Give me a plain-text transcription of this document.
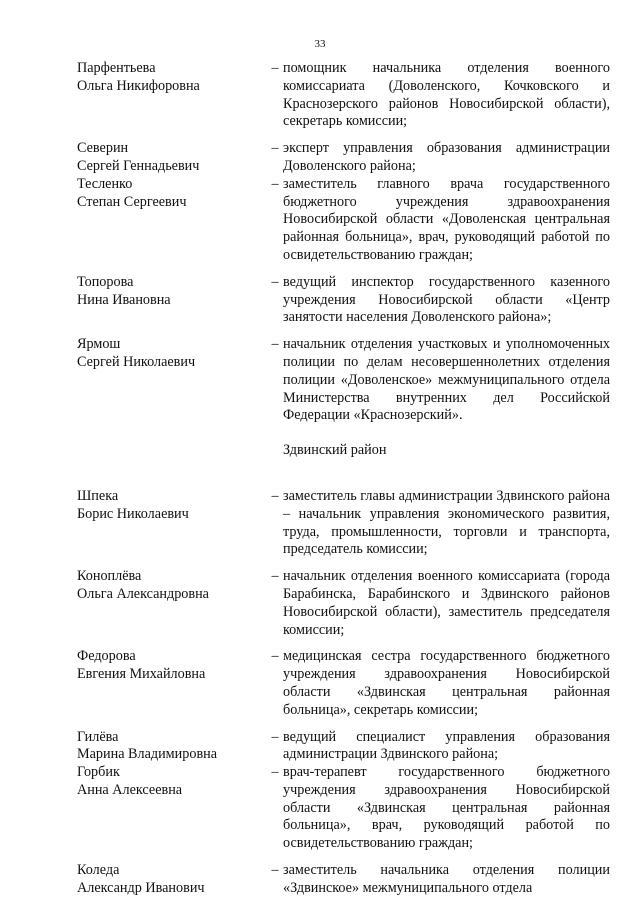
33
Парфентьева
Ольга Никифоровна
– помощник начальника отделения военного комиссариата (Доволенского, Кочковского и Краснозерского районов Новосибирской области), секретарь комиссии;
Северин
Сергей Геннадьевич
– эксперт управления образования администрации Доволенского района;
Тесленко
Степан Сергеевич
– заместитель главного врача государственного бюджетного учреждения здравоохранения Новосибирской области «Доволенская центральная районная больница», врач, руководящий работой по освидетельствованию граждан;
Топорова
Нина Ивановна
– ведущий инспектор государственного казенного учреждения Новосибирской области «Центр занятости населения Доволенского района»;
Ярмош
Сергей Николаевич
– начальник отделения участковых и уполномоченных полиции по делам несовершеннолетних отделения полиции «Доволенское» межмуниципального отдела Министерства внутренних дел Российской Федерации «Краснозерский».
Здвинский район
Шпека
Борис Николаевич
– заместитель главы администрации Здвинского района – начальник управления экономического развития, труда, промышленности, торговли и транспорта, председатель комиссии;
Коноплёва
Ольга Александровна
– начальник отделения военного комиссариата (города Барабинска, Барабинского и Здвинского районов Новосибирской области), заместитель председателя комиссии;
Федорова
Евгения Михайловна
– медицинская сестра государственного бюджетного учреждения здравоохранения Новосибирской области «Здвинская центральная районная больница», секретарь комиссии;
Гилёва
Марина Владимировна
– ведущий специалист управления образования администрации Здвинского района;
Горбик
Анна Алексеевна
– врач-терапевт государственного бюджетного учреждения здравоохранения Новосибирской области «Здвинская центральная районная больница», врач, руководящий работой по освидетельствованию граждан;
Коледа
Александр Иванович
– заместитель начальника отделения полиции «Здвинское» межмуниципального отдела
